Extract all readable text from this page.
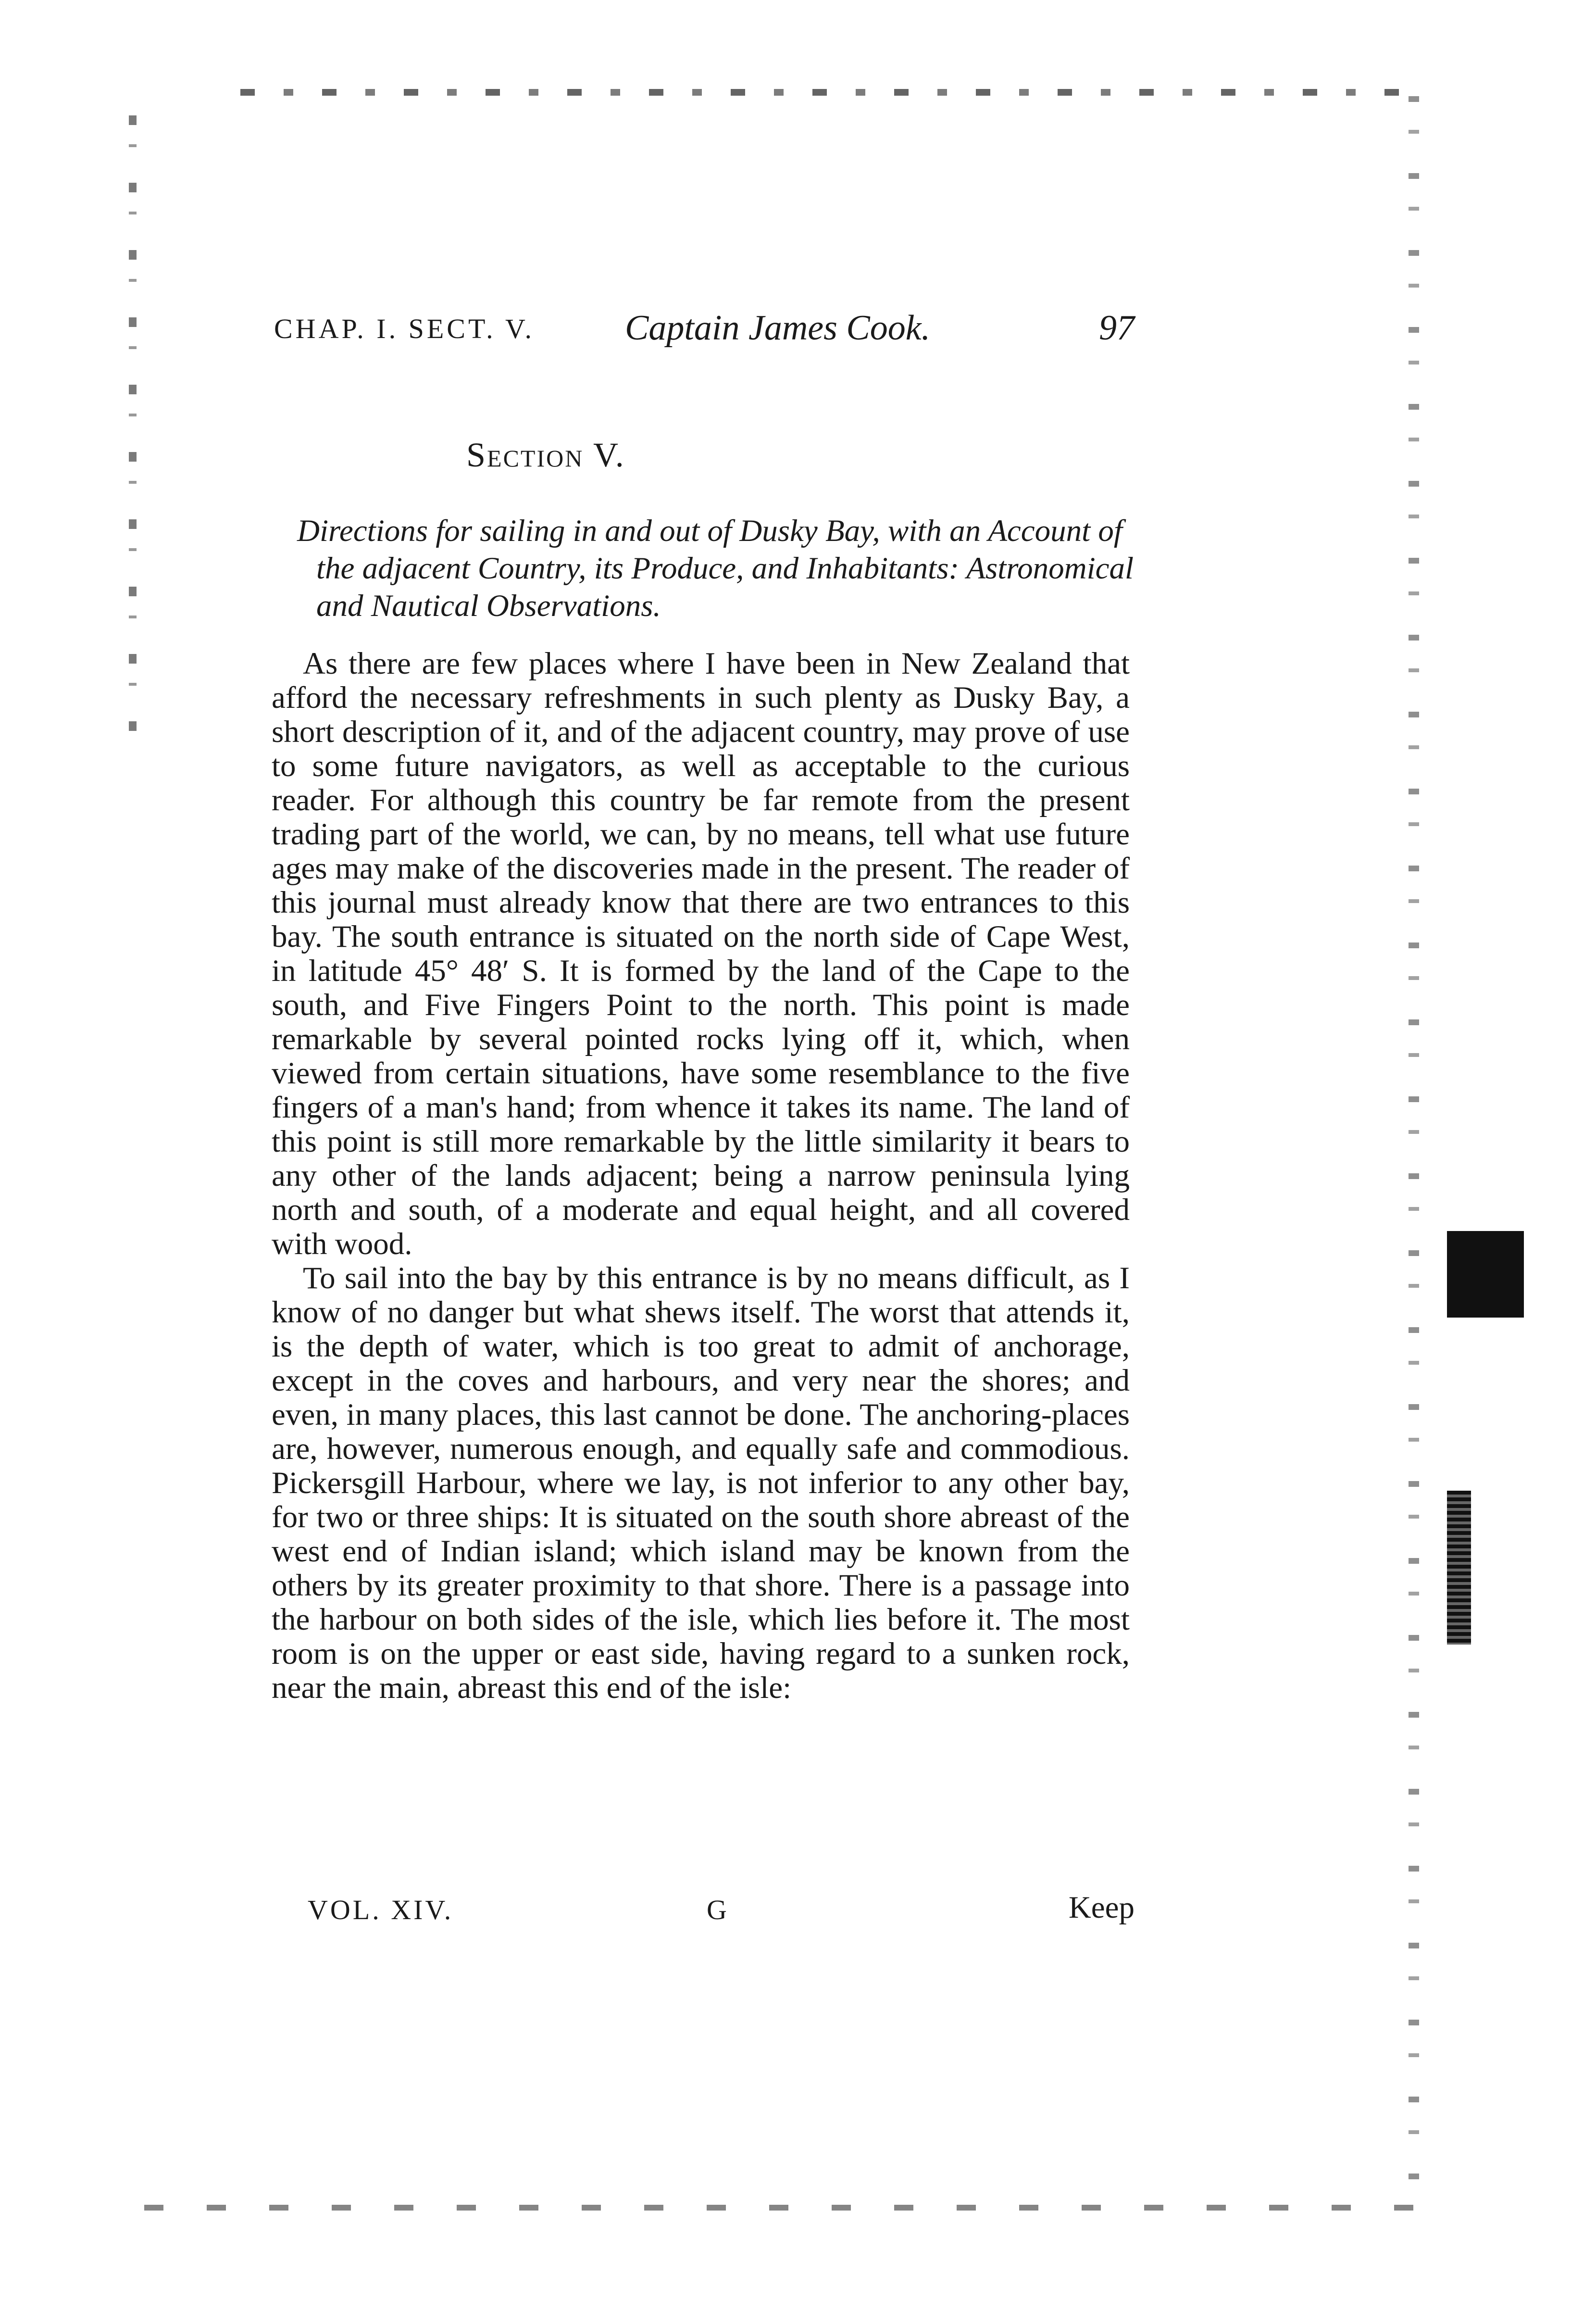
CHAP. I. SECT. V.	Captain James Cook.	97
Section V.

Directions for sailing in and out of Dusky Bay, with an Account of the adjacent Country, its Produce, and Inhabitants: Astronomical and Nautical Observations.

As there are few places where I have been in New Zealand that afford the necessary refreshments in such plenty as Dusky Bay, a short description of it, and of the adjacent country, may prove of use to some future navigators, as well as acceptable to the curious reader. For although this country be far remote from the present trading part of the world, we can, by no means, tell what use future ages may make of the discoveries made in the present. The reader of this journal must already know that there are two entrances to this bay. The south entrance is situated on the north side of Cape West, in latitude 45° 48′ S. It is formed by the land of the Cape to the south, and Five Fingers Point to the north. This point is made remarkable by several pointed rocks lying off it, which, when viewed from certain situations, have some resemblance to the five fingers of a man's hand; from whence it takes its name. The land of this point is still more remarkable by the little similarity it bears to any other of the lands adjacent; being a narrow peninsula lying north and south, of a moderate and equal height, and all covered with wood.

To sail into the bay by this entrance is by no means difficult, as I know of no danger but what shews itself. The worst that attends it, is the depth of water, which is too great to admit of anchorage, except in the coves and harbours, and very near the shores; and even, in many places, this last cannot be done. The anchoring-places are, however, numerous enough, and equally safe and commodious. Pickersgill Harbour, where we lay, is not inferior to any other bay, for two or three ships: It is situated on the south shore abreast of the west end of Indian island; which island may be known from the others by its greater proximity to that shore. There is a passage into the harbour on both sides of the isle, which lies before it. The most room is on the upper or east side, having regard to a sunken rock, near the main, abreast this end of the isle:

VOL. XIV.	G	Keep
